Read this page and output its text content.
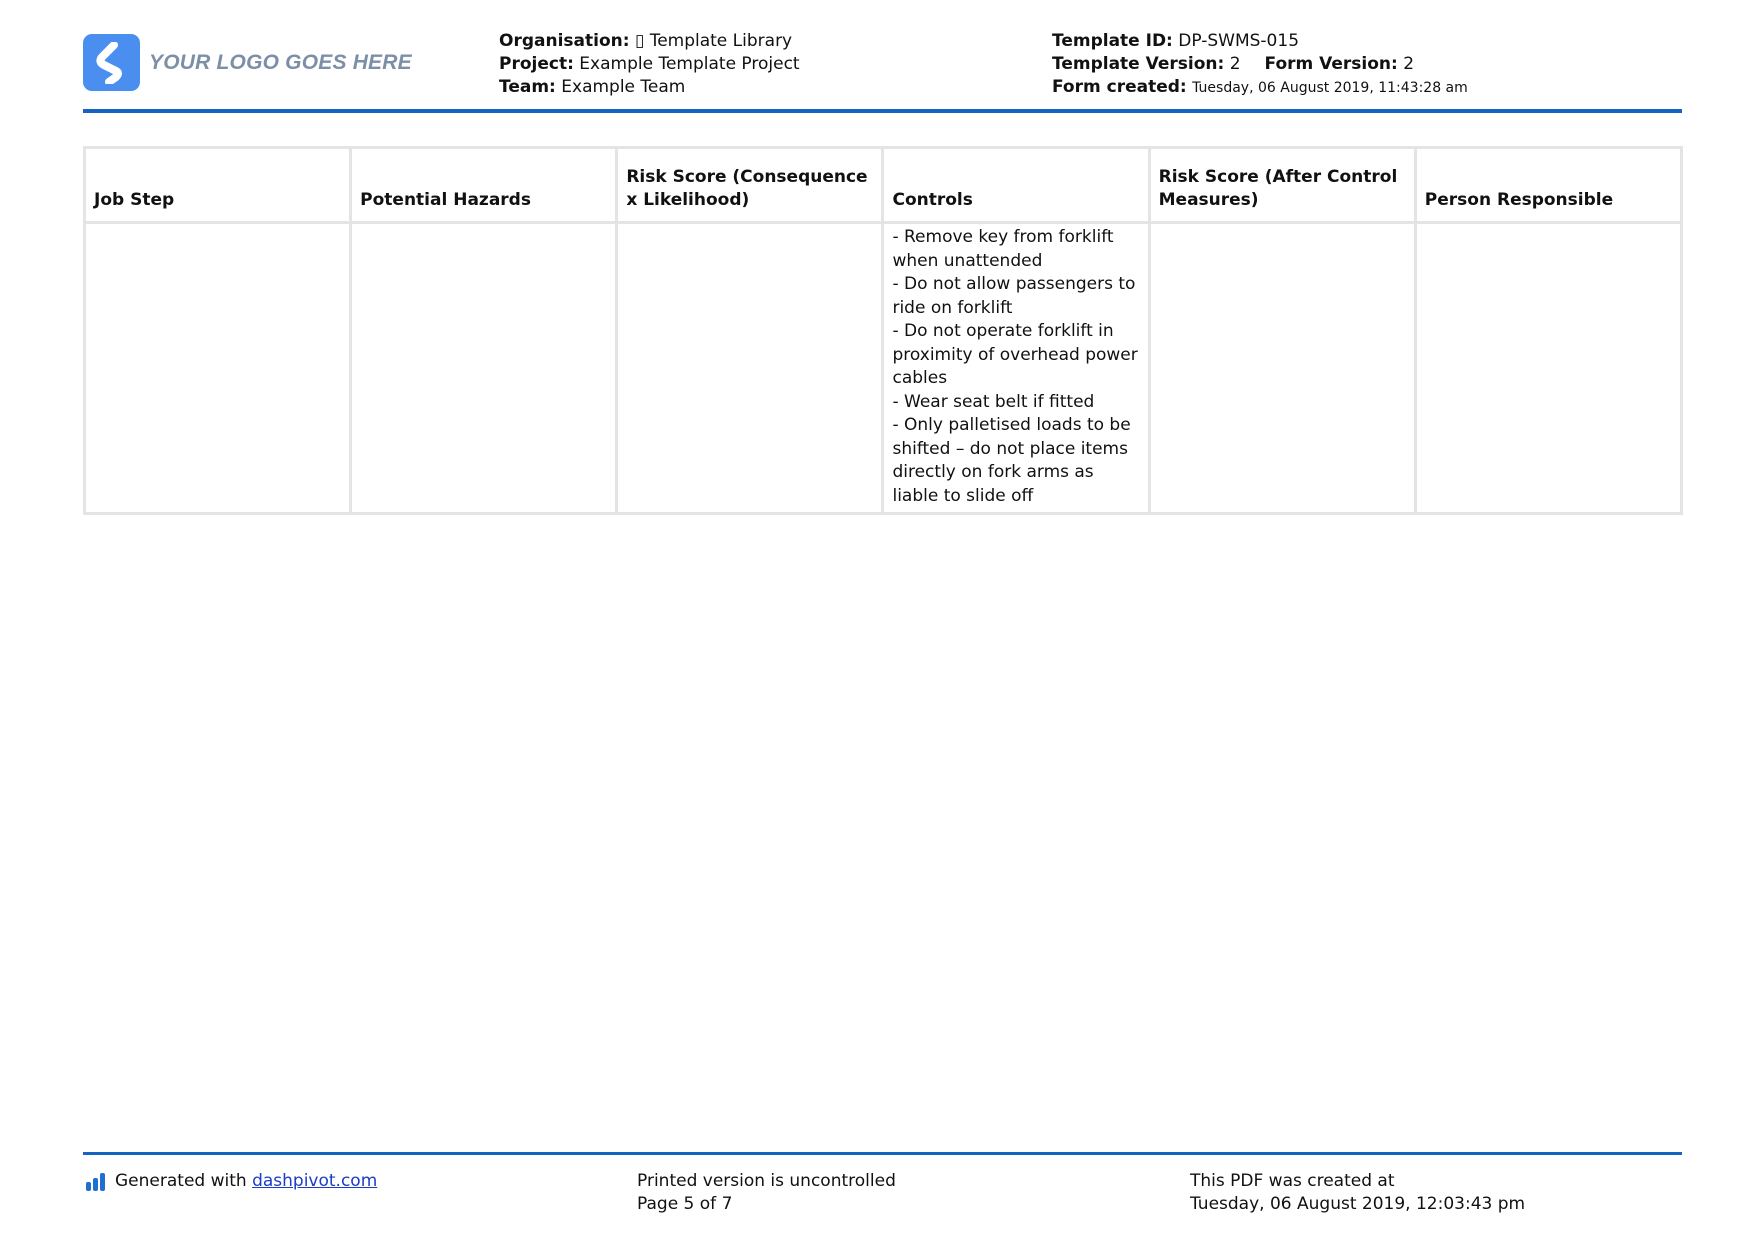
YOUR LOGO GOES HERE
Organisation: ▯ Template Library
Project: Example Template Project
Team: Example Team
Template ID: DP-SWMS-015
Template Version: 2 Form Version: 2
Form created: Tuesday, 06 August 2019, 11:43:28 am
Job Step	Potential Hazards	Risk Score (Consequence x Likelihood)	Controls	Risk Score (After Control Measures)	Person Responsible

			- Remove key from forklift when unattended
- Do not allow passengers to ride on forklift
- Do not operate forklift in proximity of overhead power cables
- Wear seat belt if fitted
- Only palletised loads to be shifted – do not place items directly on fork arms as liable to slide off		

Generated with
dashpivot.com	Printed version is uncontrolled
Page 5 of 7
This PDF was created at
Tuesday, 06 August 2019, 12:03:43 pm
